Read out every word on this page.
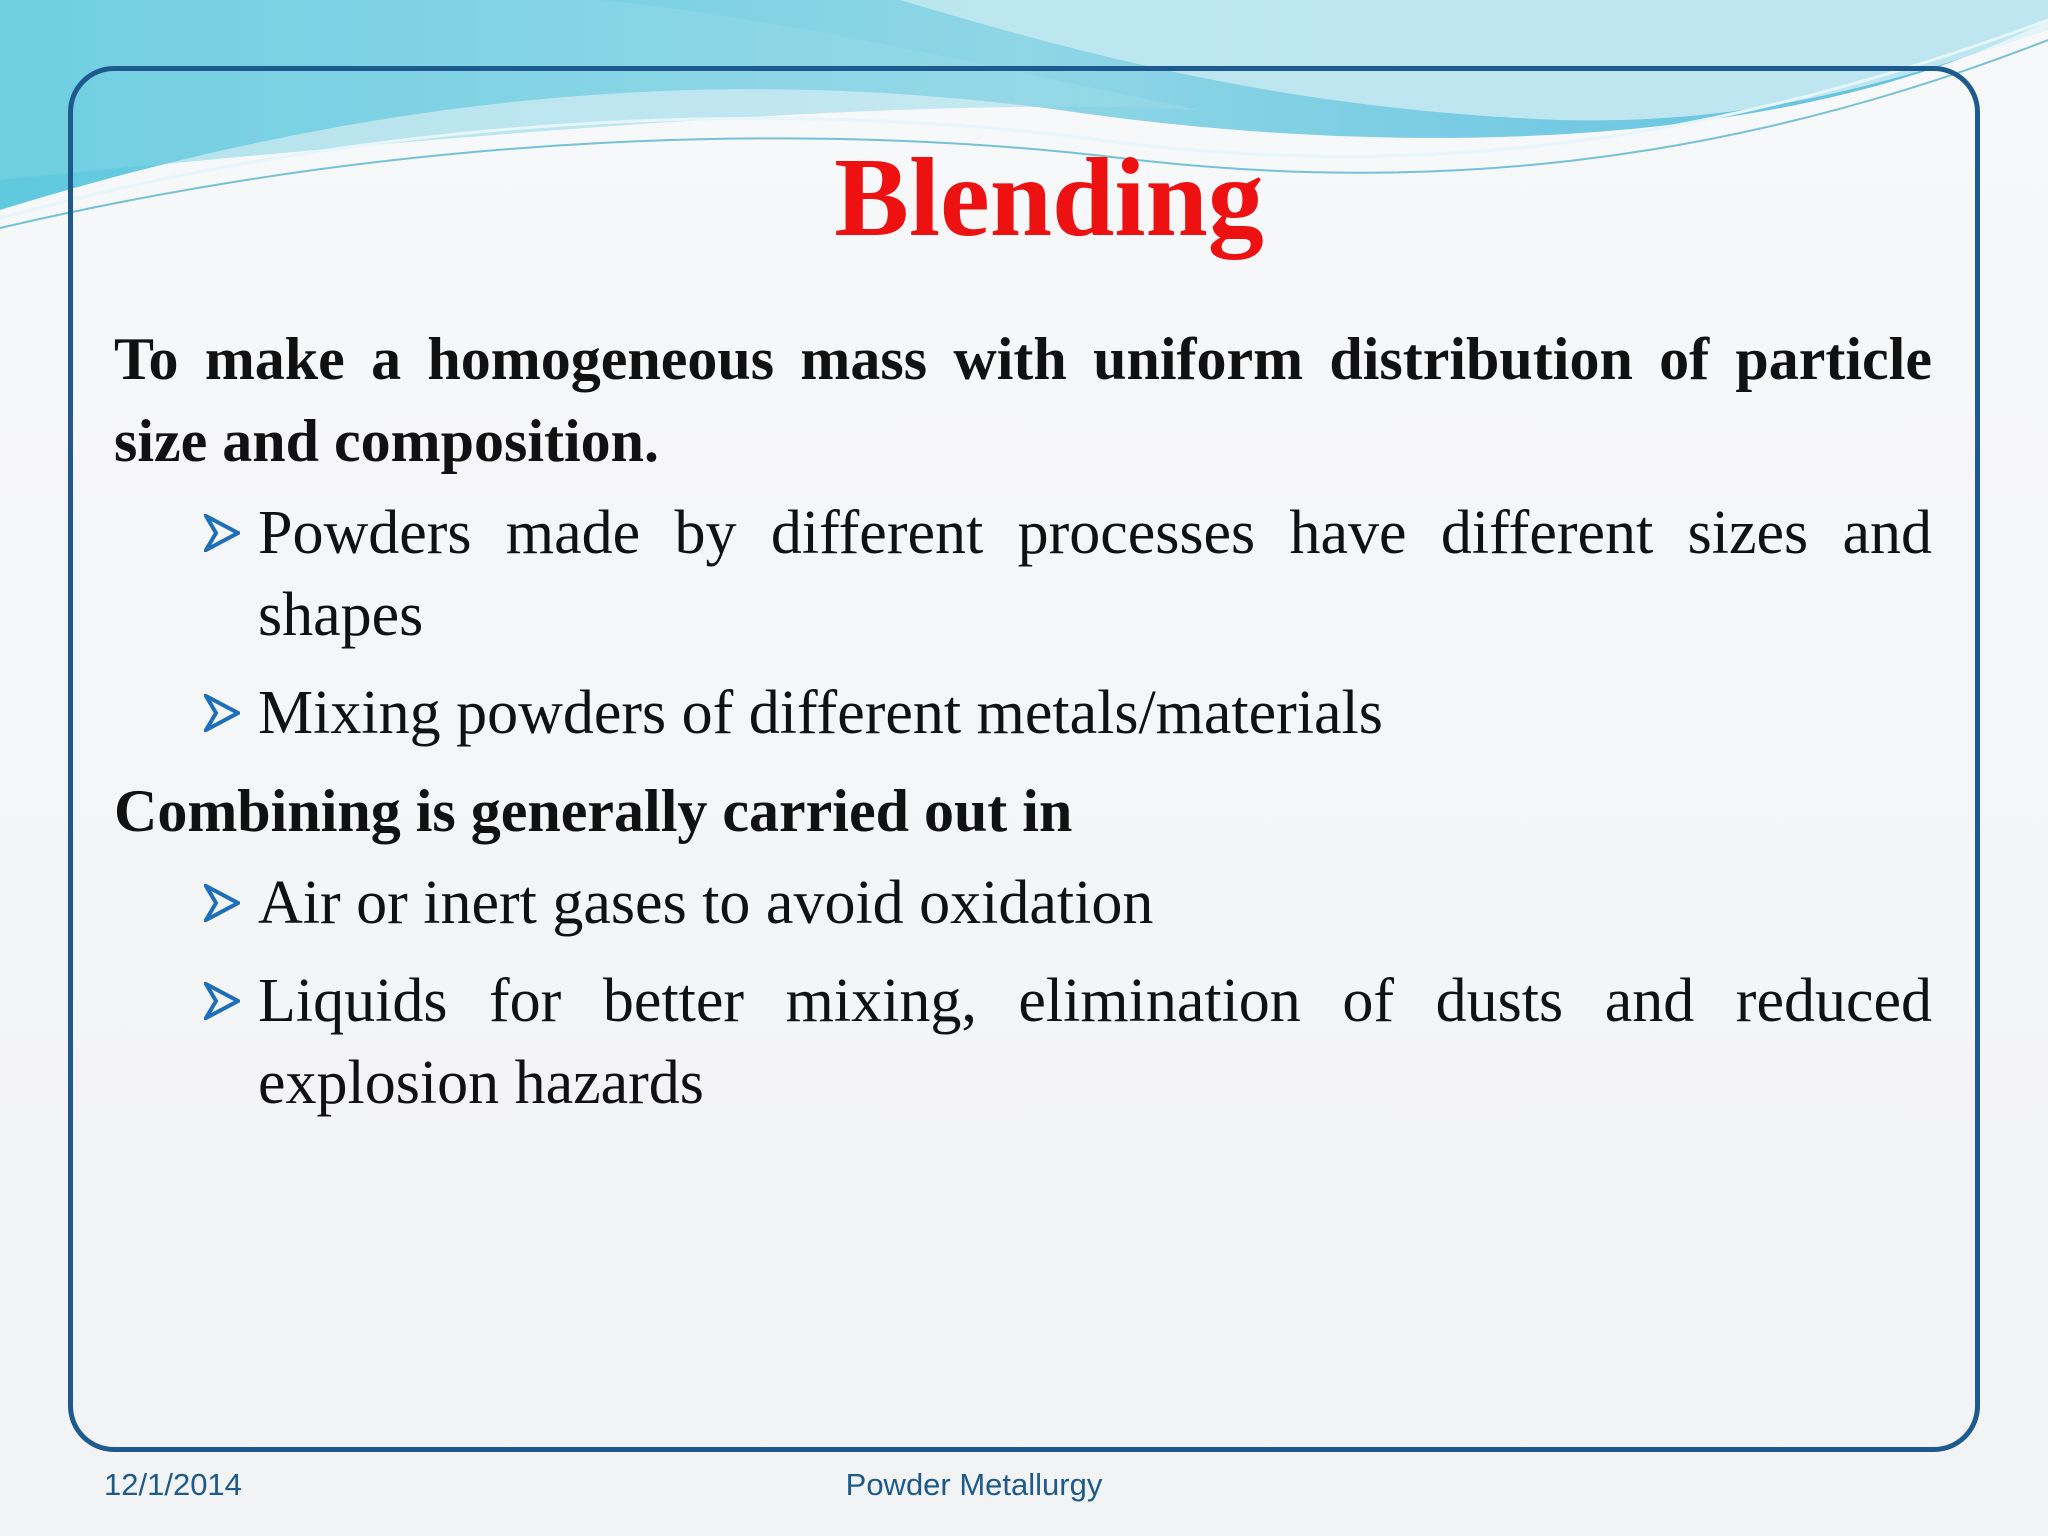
Blending

To make a homogeneous mass with uniform distribution of particle size and composition.

Powders made by different processes have different sizes and shapes
Mixing powders of different metals/materials

Combining is generally carried out in

Air or inert gases to avoid oxidation
Liquids for better mixing, elimination of dusts and reduced explosion hazards

12/1/2014	Powder Metallurgy
